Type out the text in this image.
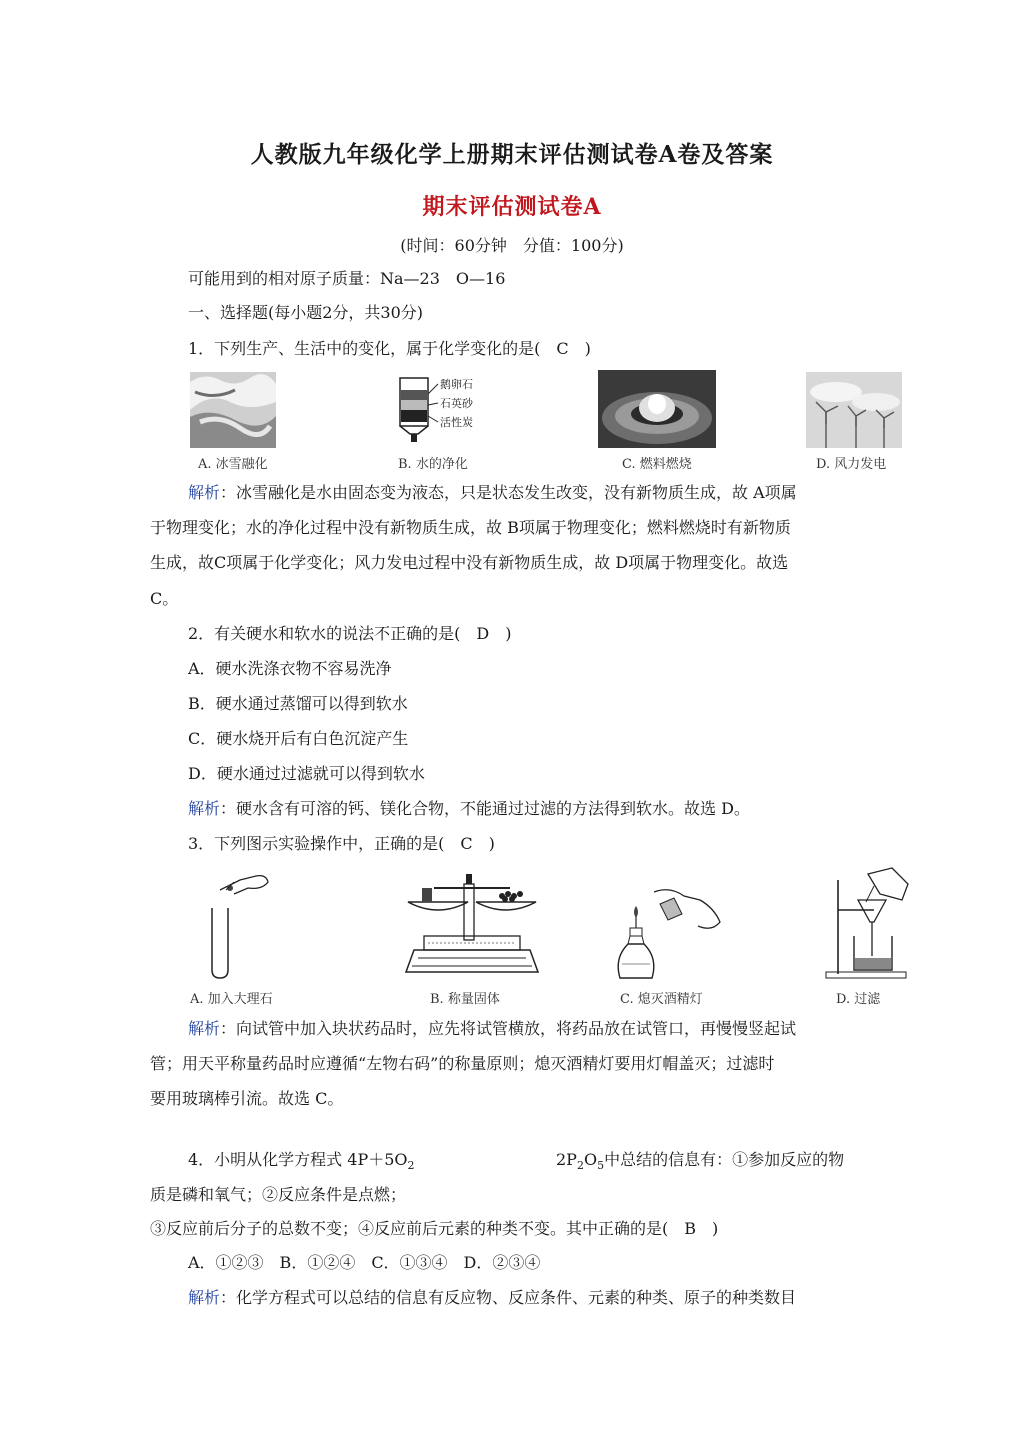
人教版九年级化学上册期末评估测试卷A卷及答案
期末评估测试卷A
(时间：60分钟　分值：100分)
可能用到的相对原子质量：Na—23　O—16
一、选择题(每小题2分，共30分)
1．下列生产、生活中的变化，属于化学变化的是(　C　)
A. 冰雪融化
鹅卵石
石英砂
活性炭
B. 水的净化	C. 燃料燃烧	D. 风力发电
解析：冰雪融化是水由固态变为液态，只是状态发生改变，没有新物质生成，故 A项属
于物理变化；水的净化过程中没有新物质生成，故 B项属于物理变化；燃料燃烧时有新物质
生成，故C项属于化学变化；风力发电过程中没有新物质生成，故 D项属于物理变化。故选
C。
2．有关硬水和软水的说法不正确的是(　D　)
A．硬水洗涤衣物不容易洗净
B．硬水通过蒸馏可以得到软水
C．硬水烧开后有白色沉淀产生
D．硬水通过过滤就可以得到软水
解析：硬水含有可溶的钙、镁化合物，不能通过过滤的方法得到软水。故选 D。
3．下列图示实验操作中，正确的是(　C　)
A. 加入大理石	B. 称量固体	C. 熄灭酒精灯	D. 过滤
解析：向试管中加入块状药品时，应先将试管横放，将药品放在试管口，再慢慢竖起试
管；用天平称量药品时应遵循“左物右码”的称量原则；熄灭酒精灯要用灯帽盖灭；过滤时
要用玻璃棒引流。故选 C。
4．小明从化学方程式 $4P+5O_2$	$2P_2O_5$中总结的信息有：①参加反应的物
质是磷和氧气；②反应条件是点燃；
③反应前后分子的总数不变；④反应前后元素的种类不变。其中正确的是(　B　)
A．①②③　B．①②④　C．①③④　D．②③④
解析：化学方程式可以总结的信息有反应物、反应条件、元素的种类、原子的种类数目
